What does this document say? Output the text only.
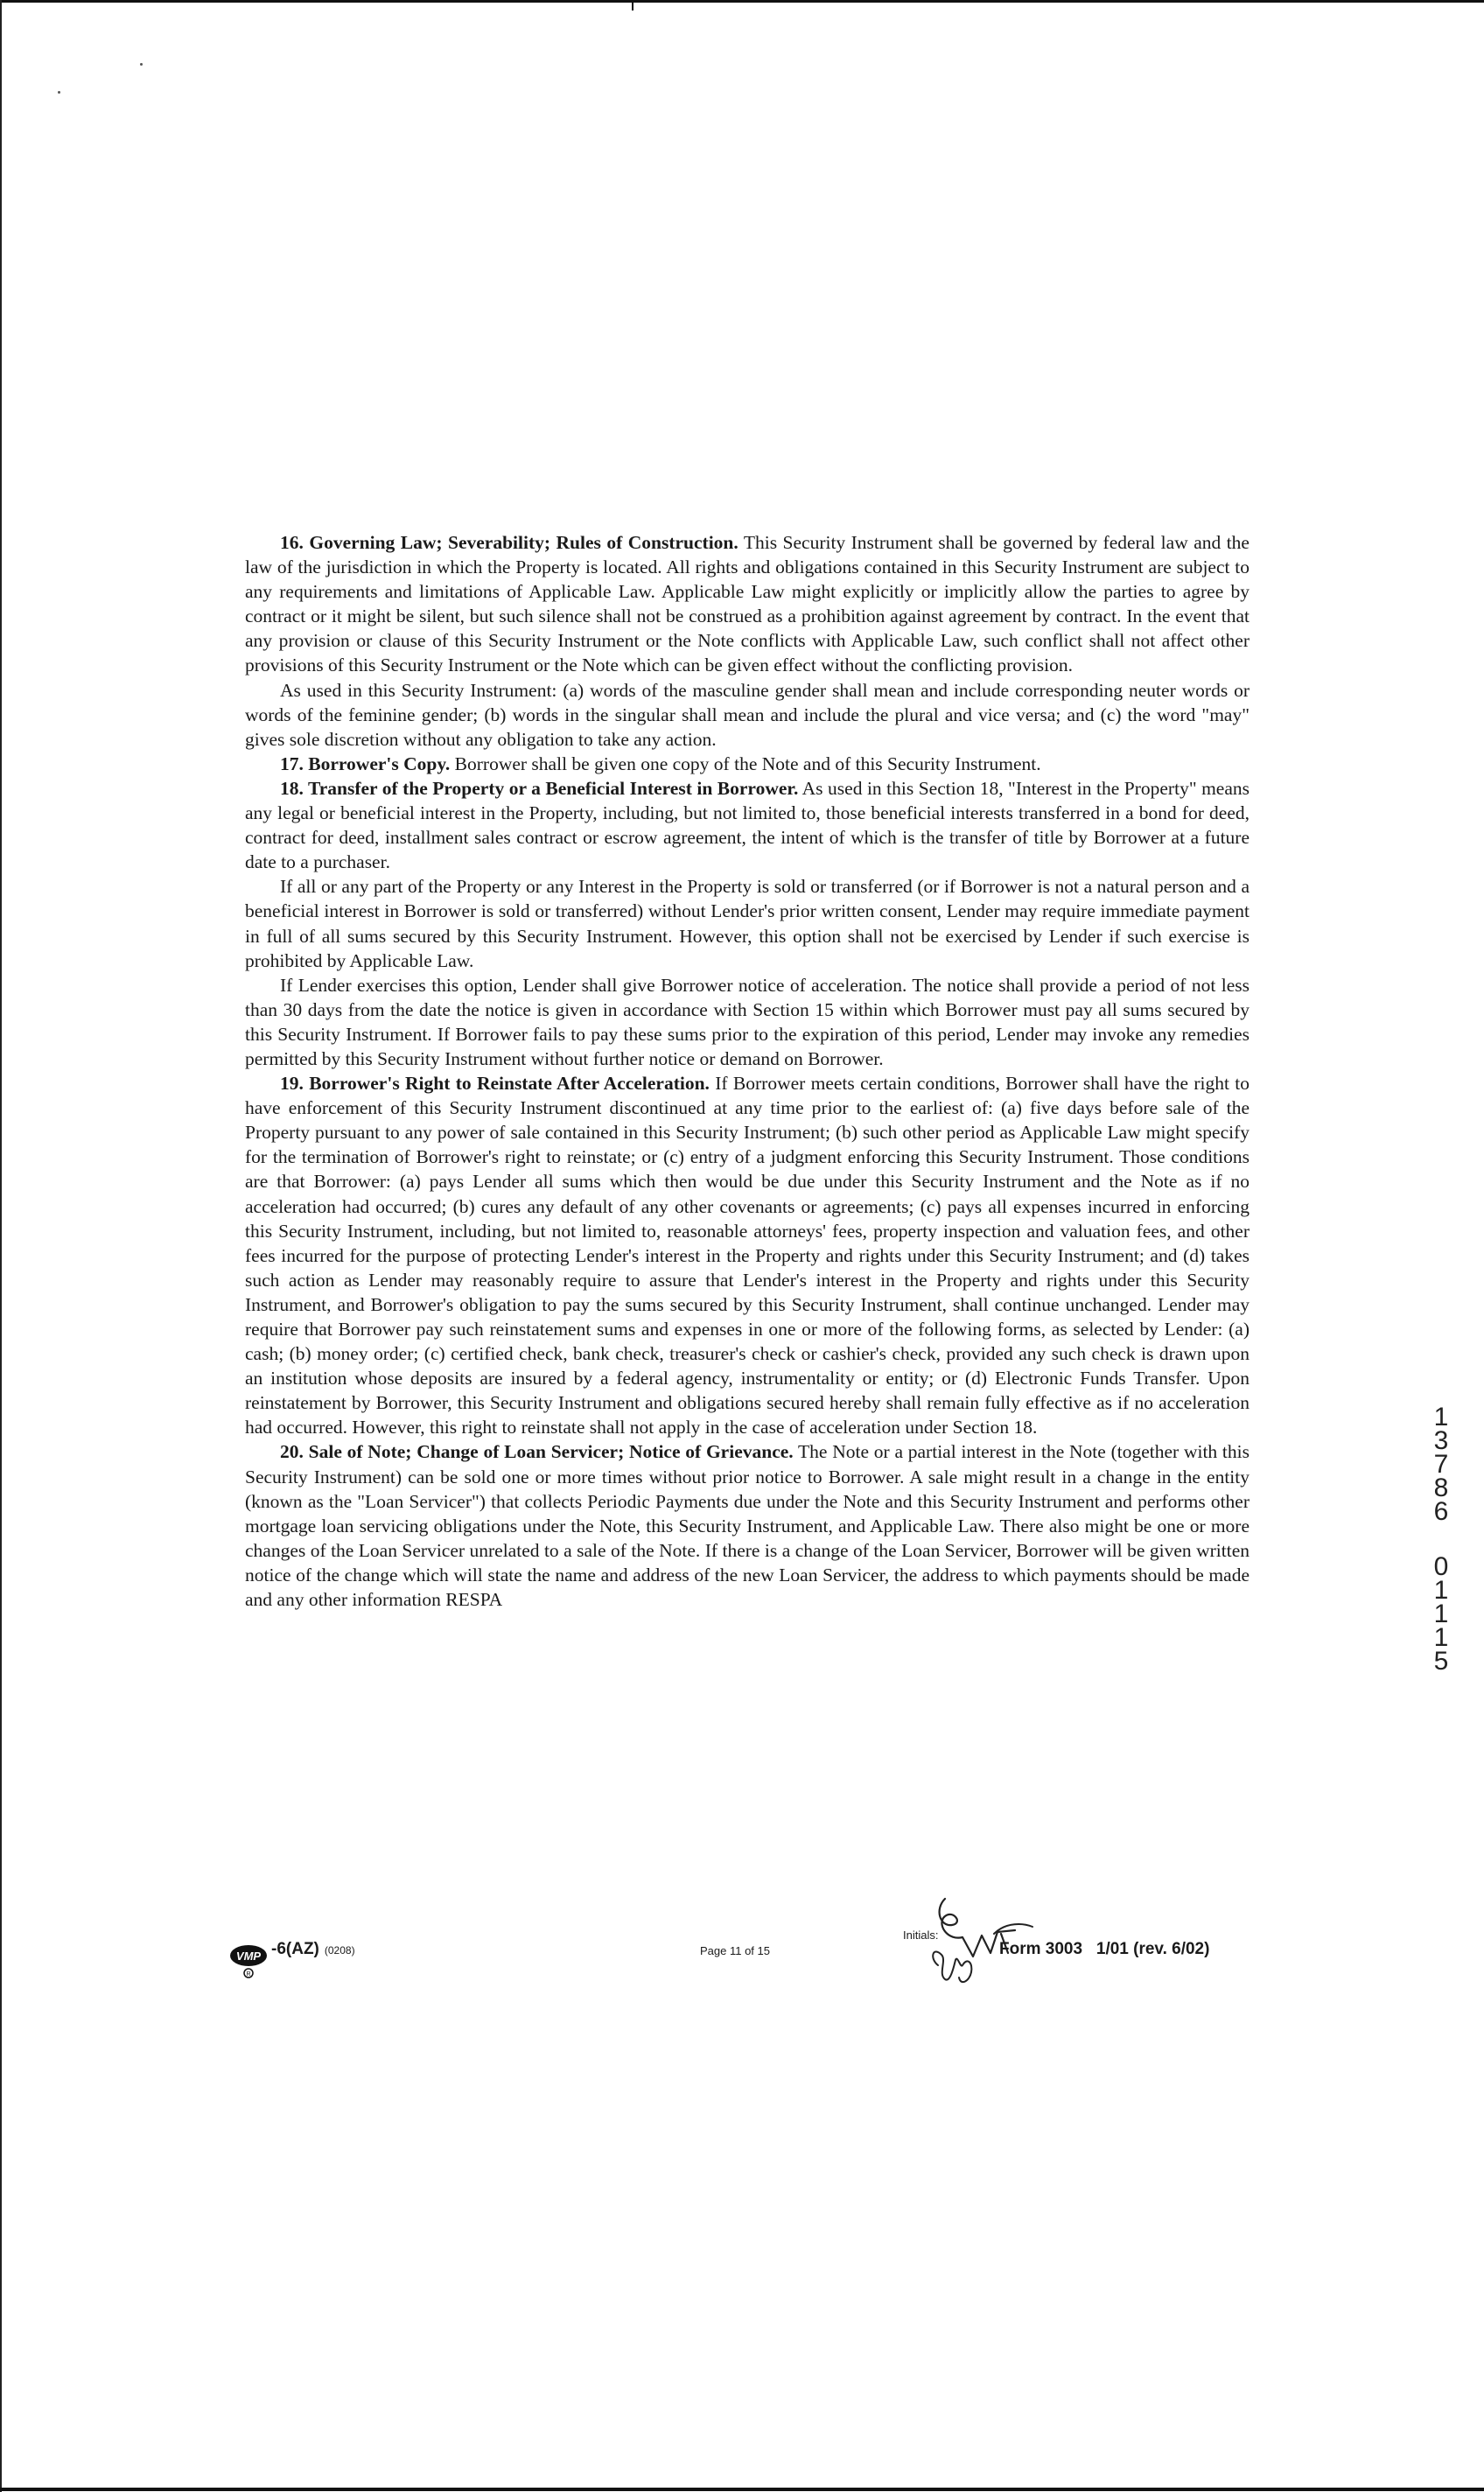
16. Governing Law; Severability; Rules of Construction. This Security Instrument shall be governed by federal law and the law of the jurisdiction in which the Property is located. All rights and obligations contained in this Security Instrument are subject to any requirements and limitations of Applicable Law. Applicable Law might explicitly or implicitly allow the parties to agree by contract or it might be silent, but such silence shall not be construed as a prohibition against agreement by contract. In the event that any provision or clause of this Security Instrument or the Note conflicts with Applicable Law, such conflict shall not affect other provisions of this Security Instrument or the Note which can be given effect without the conflicting provision.

As used in this Security Instrument: (a) words of the masculine gender shall mean and include corresponding neuter words or words of the feminine gender; (b) words in the singular shall mean and include the plural and vice versa; and (c) the word "may" gives sole discretion without any obligation to take any action.

17. Borrower's Copy. Borrower shall be given one copy of the Note and of this Security Instrument.

18. Transfer of the Property or a Beneficial Interest in Borrower. As used in this Section 18, "Interest in the Property" means any legal or beneficial interest in the Property, including, but not limited to, those beneficial interests transferred in a bond for deed, contract for deed, installment sales contract or escrow agreement, the intent of which is the transfer of title by Borrower at a future date to a purchaser.

If all or any part of the Property or any Interest in the Property is sold or transferred (or if Borrower is not a natural person and a beneficial interest in Borrower is sold or transferred) without Lender's prior written consent, Lender may require immediate payment in full of all sums secured by this Security Instrument. However, this option shall not be exercised by Lender if such exercise is prohibited by Applicable Law.

If Lender exercises this option, Lender shall give Borrower notice of acceleration. The notice shall provide a period of not less than 30 days from the date the notice is given in accordance with Section 15 within which Borrower must pay all sums secured by this Security Instrument. If Borrower fails to pay these sums prior to the expiration of this period, Lender may invoke any remedies permitted by this Security Instrument without further notice or demand on Borrower.

19. Borrower's Right to Reinstate After Acceleration. If Borrower meets certain conditions, Borrower shall have the right to have enforcement of this Security Instrument discontinued at any time prior to the earliest of: (a) five days before sale of the Property pursuant to any power of sale contained in this Security Instrument; (b) such other period as Applicable Law might specify for the termination of Borrower's right to reinstate; or (c) entry of a judgment enforcing this Security Instrument. Those conditions are that Borrower: (a) pays Lender all sums which then would be due under this Security Instrument and the Note as if no acceleration had occurred; (b) cures any default of any other covenants or agreements; (c) pays all expenses incurred in enforcing this Security Instrument, including, but not limited to, reasonable attorneys' fees, property inspection and valuation fees, and other fees incurred for the purpose of protecting Lender's interest in the Property and rights under this Security Instrument; and (d) takes such action as Lender may reasonably require to assure that Lender's interest in the Property and rights under this Security Instrument, and Borrower's obligation to pay the sums secured by this Security Instrument, shall continue unchanged. Lender may require that Borrower pay such reinstatement sums and expenses in one or more of the following forms, as selected by Lender: (a) cash; (b) money order; (c) certified check, bank check, treasurer's check or cashier's check, provided any such check is drawn upon an institution whose deposits are insured by a federal agency, instrumentality or entity; or (d) Electronic Funds Transfer. Upon reinstatement by Borrower, this Security Instrument and obligations secured hereby shall remain fully effective as if no acceleration had occurred. However, this right to reinstate shall not apply in the case of acceleration under Section 18.

20. Sale of Note; Change of Loan Servicer; Notice of Grievance. The Note or a partial interest in the Note (together with this Security Instrument) can be sold one or more times without prior notice to Borrower. A sale might result in a change in the entity (known as the "Loan Servicer") that collects Periodic Payments due under the Note and this Security Instrument and performs other mortgage loan servicing obligations under the Note, this Security Instrument, and Applicable Law. There also might be one or more changes of the Loan Servicer unrelated to a sale of the Note. If there is a change of the Loan Servicer, Borrower will be given written notice of the change which will state the name and address of the new Loan Servicer, the address to which payments should be made and any other information RESPA

1
3
7
8
6
0
1
1
1
5
VMP
R
-6(AZ) (0208)	Page 11 of 15
Initials:
Form 3003   1/01 (rev. 6/02)
